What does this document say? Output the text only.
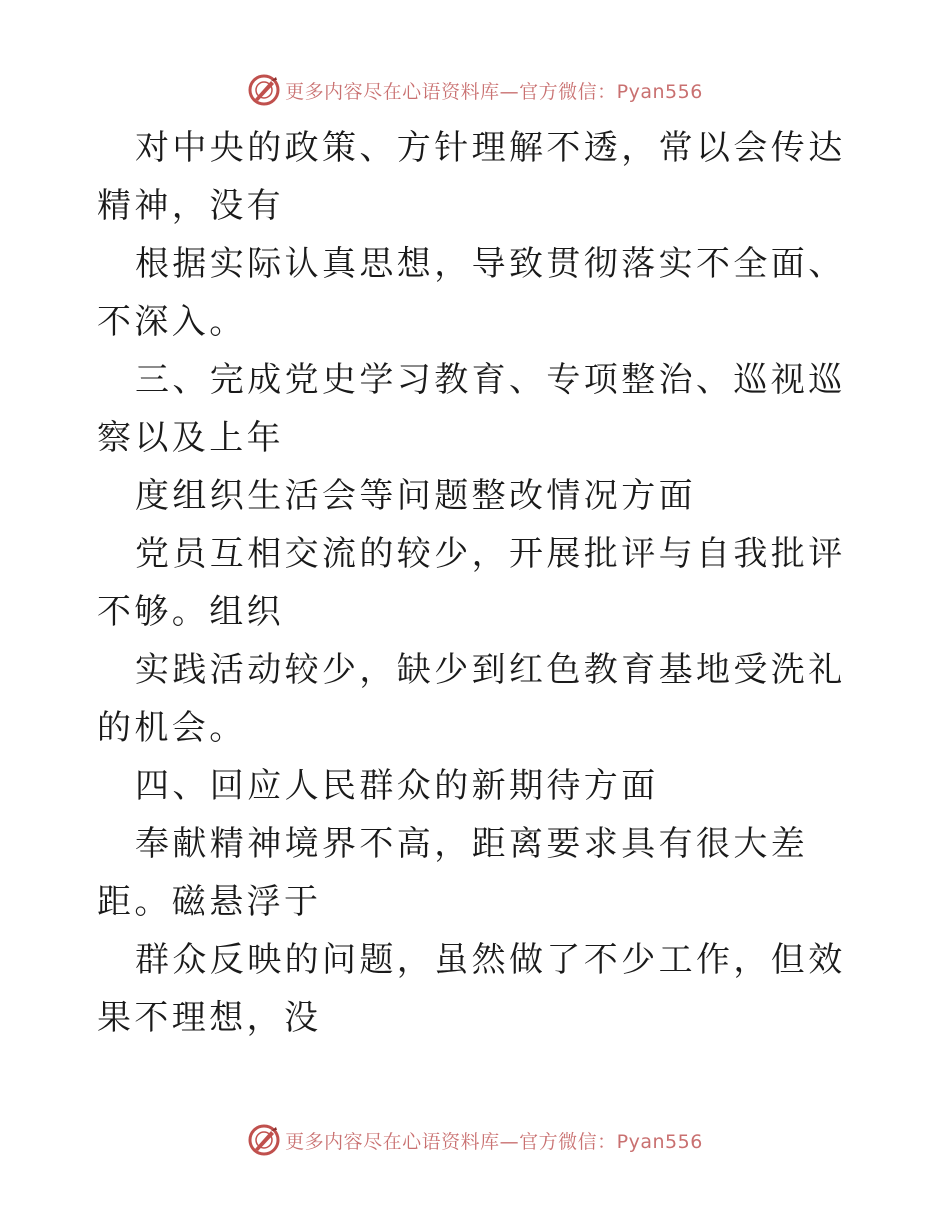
更多内容尽在心语资料库—官方微信：Pyan556

对中央的政策、方针理解不透，常以会传达精神，没有

根据实际认真思想，导致贯彻落实不全面、不深入。

三、完成党史学习教育、专项整治、巡视巡察以及上年

度组织生活会等问题整改情况方面

党员互相交流的较少，开展批评与自我批评不够。组织

实践活动较少，缺少到红色教育基地受洗礼的机会。

四、回应人民群众的新期待方面

奉献精神境界不高，距离要求具有很大差距。磁悬浮于

群众反映的问题，虽然做了不少工作，但效果不理想，没

更多内容尽在心语资料库—官方微信：Pyan556
